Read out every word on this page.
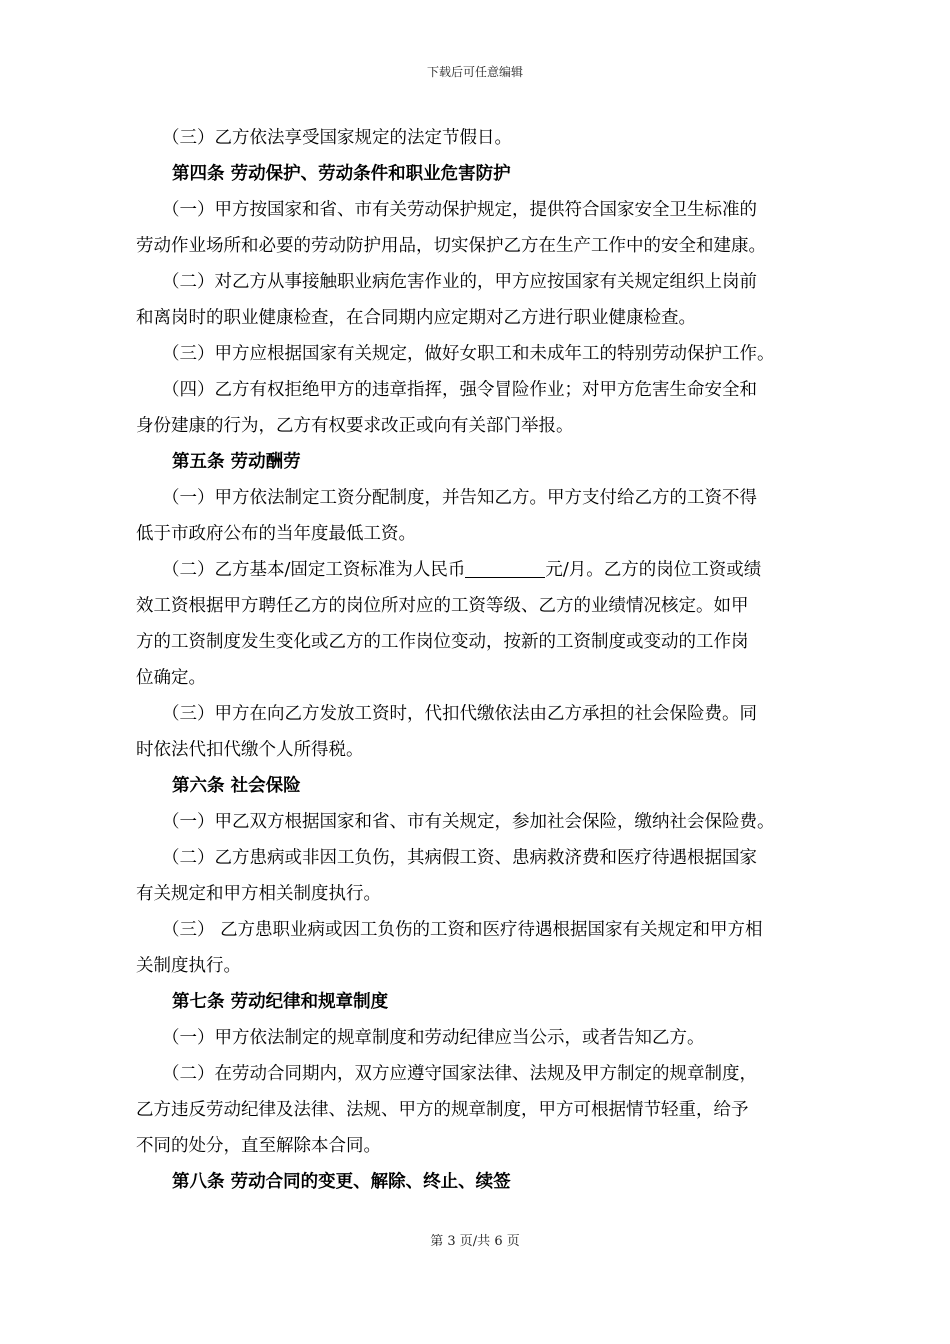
下载后可任意编辑

（三）乙方依法享受国家规定的法定节假日。

第四条 劳动保护、劳动条件和职业危害防护

（一）甲方按国家和省、市有关劳动保护规定，提供符合国家安全卫生标准的

劳动作业场所和必要的劳动防护用品，切实保护乙方在生产工作中的安全和建康。

（二）对乙方从事接触职业病危害作业的，甲方应按国家有关规定组织上岗前

和离岗时的职业健康检查，在合同期内应定期对乙方进行职业健康检查。

（三）甲方应根据国家有关规定，做好女职工和未成年工的特别劳动保护工作。

（四）乙方有权拒绝甲方的违章指挥，强令冒险作业；对甲方危害生命安全和

身份建康的行为，乙方有权要求改正或向有关部门举报。

第五条 劳动酬劳

（一）甲方依法制定工资分配制度，并告知乙方。甲方支付给乙方的工资不得

低于市政府公布的当年度最低工资。

（二）乙方基本/固定工资标准为人民币	元/月。乙方的岗位工资或绩

效工资根据甲方聘任乙方的岗位所对应的工资等级、乙方的业绩情况核定。如甲

方的工资制度发生变化或乙方的工作岗位变动，按新的工资制度或变动的工作岗

位确定。

（三）甲方在向乙方发放工资时，代扣代缴依法由乙方承担的社会保险费。同

时依法代扣代缴个人所得税。

第六条 社会保险

（一）甲乙双方根据国家和省、市有关规定，参加社会保险，缴纳社会保险费。

（二）乙方患病或非因工负伤，其病假工资、患病救济费和医疗待遇根据国家

有关规定和甲方相关制度执行。

（三） 乙方患职业病或因工负伤的工资和医疗待遇根据国家有关规定和甲方相

关制度执行。

第七条 劳动纪律和规章制度

（一）甲方依法制定的规章制度和劳动纪律应当公示，或者告知乙方。

（二）在劳动合同期内，双方应遵守国家法律、法规及甲方制定的规章制度，

乙方违反劳动纪律及法律、法规、甲方的规章制度，甲方可根据情节轻重，给予

不同的处分，直至解除本合同。

第八条 劳动合同的变更、解除、终止、续签

第 3 页/共 6 页
